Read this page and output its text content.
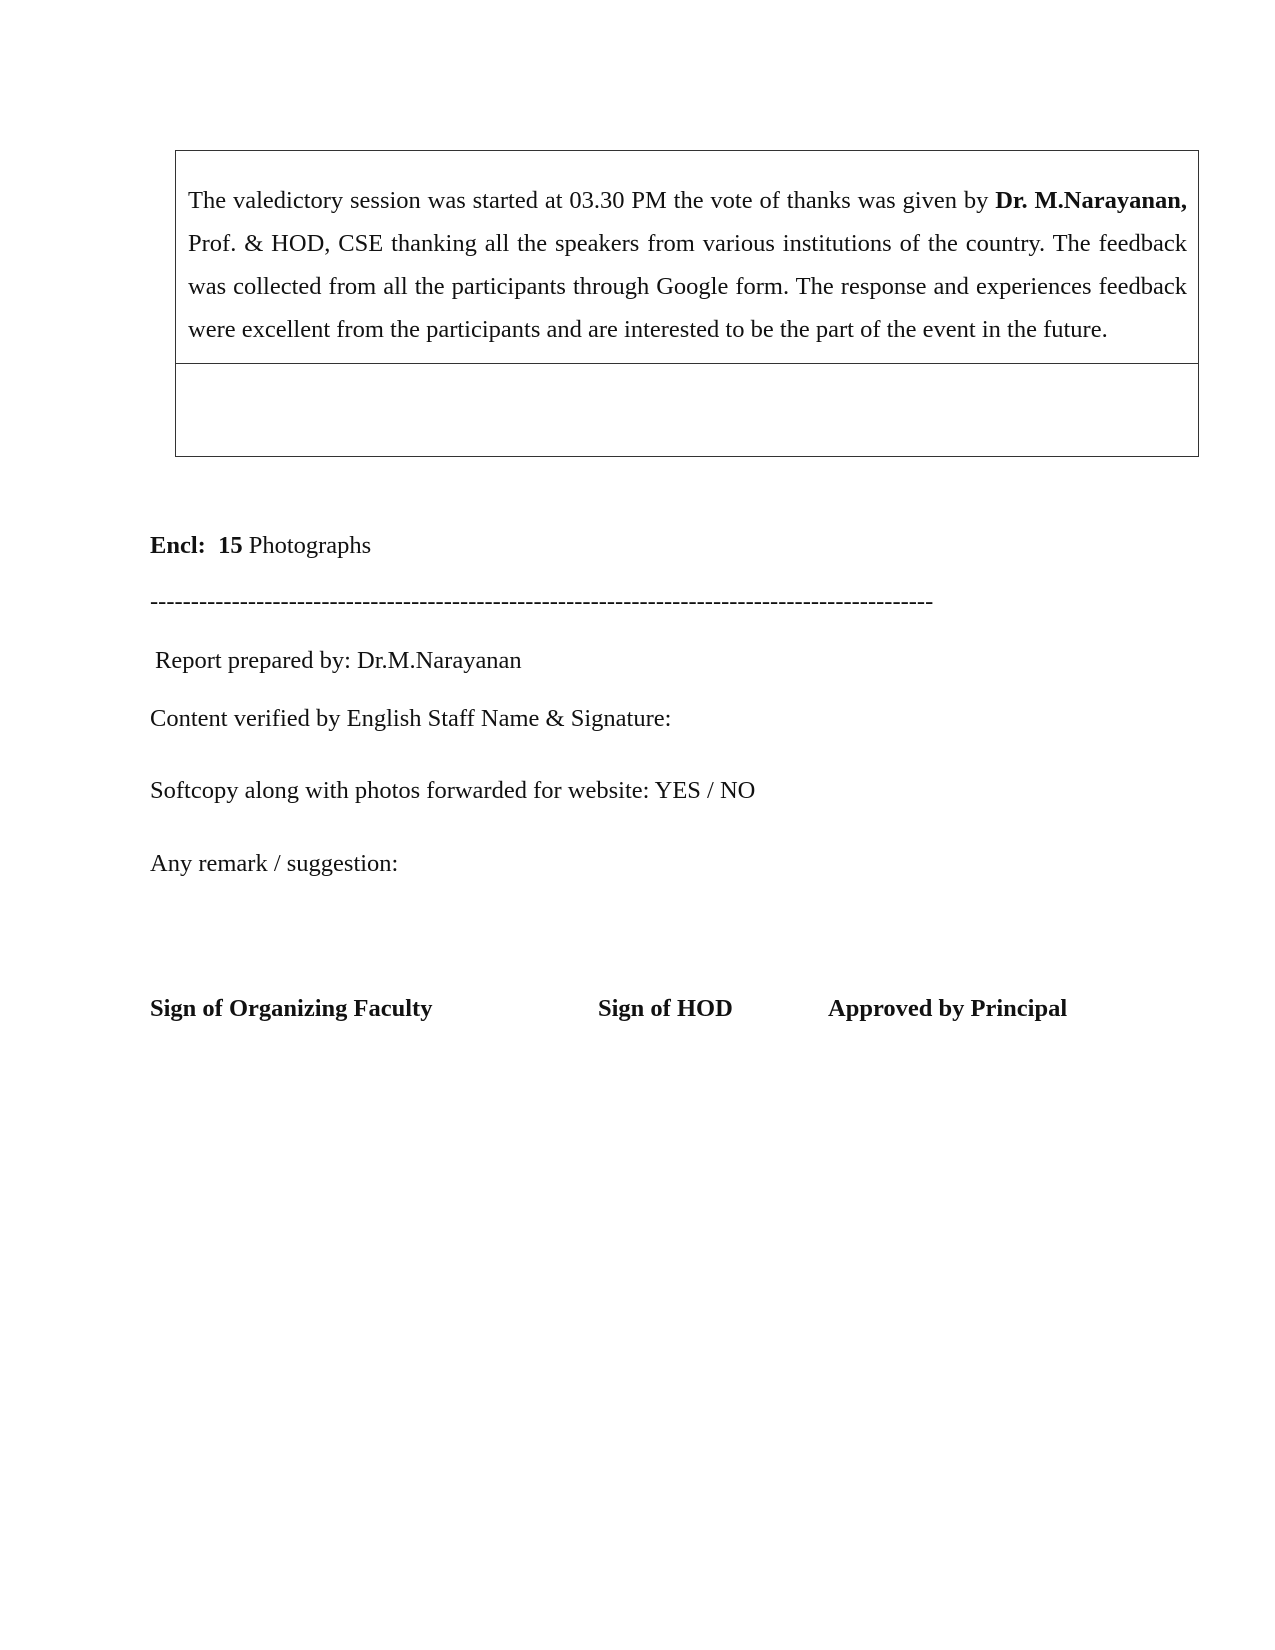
The valedictory session was started at 03.30 PM the vote of thanks was given by Dr. M.Narayanan, Prof. & HOD, CSE thanking all the speakers from various institutions of the country. The feedback was collected from all the participants through Google form. The response and experiences feedback were excellent from the participants and are interested to be the part of the event in the future.
Encl: 15 Photographs
------------------------------------------------------------------------------------------------
Report prepared by: Dr.M.Narayanan
Content verified by English Staff Name & Signature:
Softcopy along with photos forwarded for website: YES / NO
Any remark / suggestion:
Sign of Organizing Faculty	Sign of HOD	Approved by Principal
